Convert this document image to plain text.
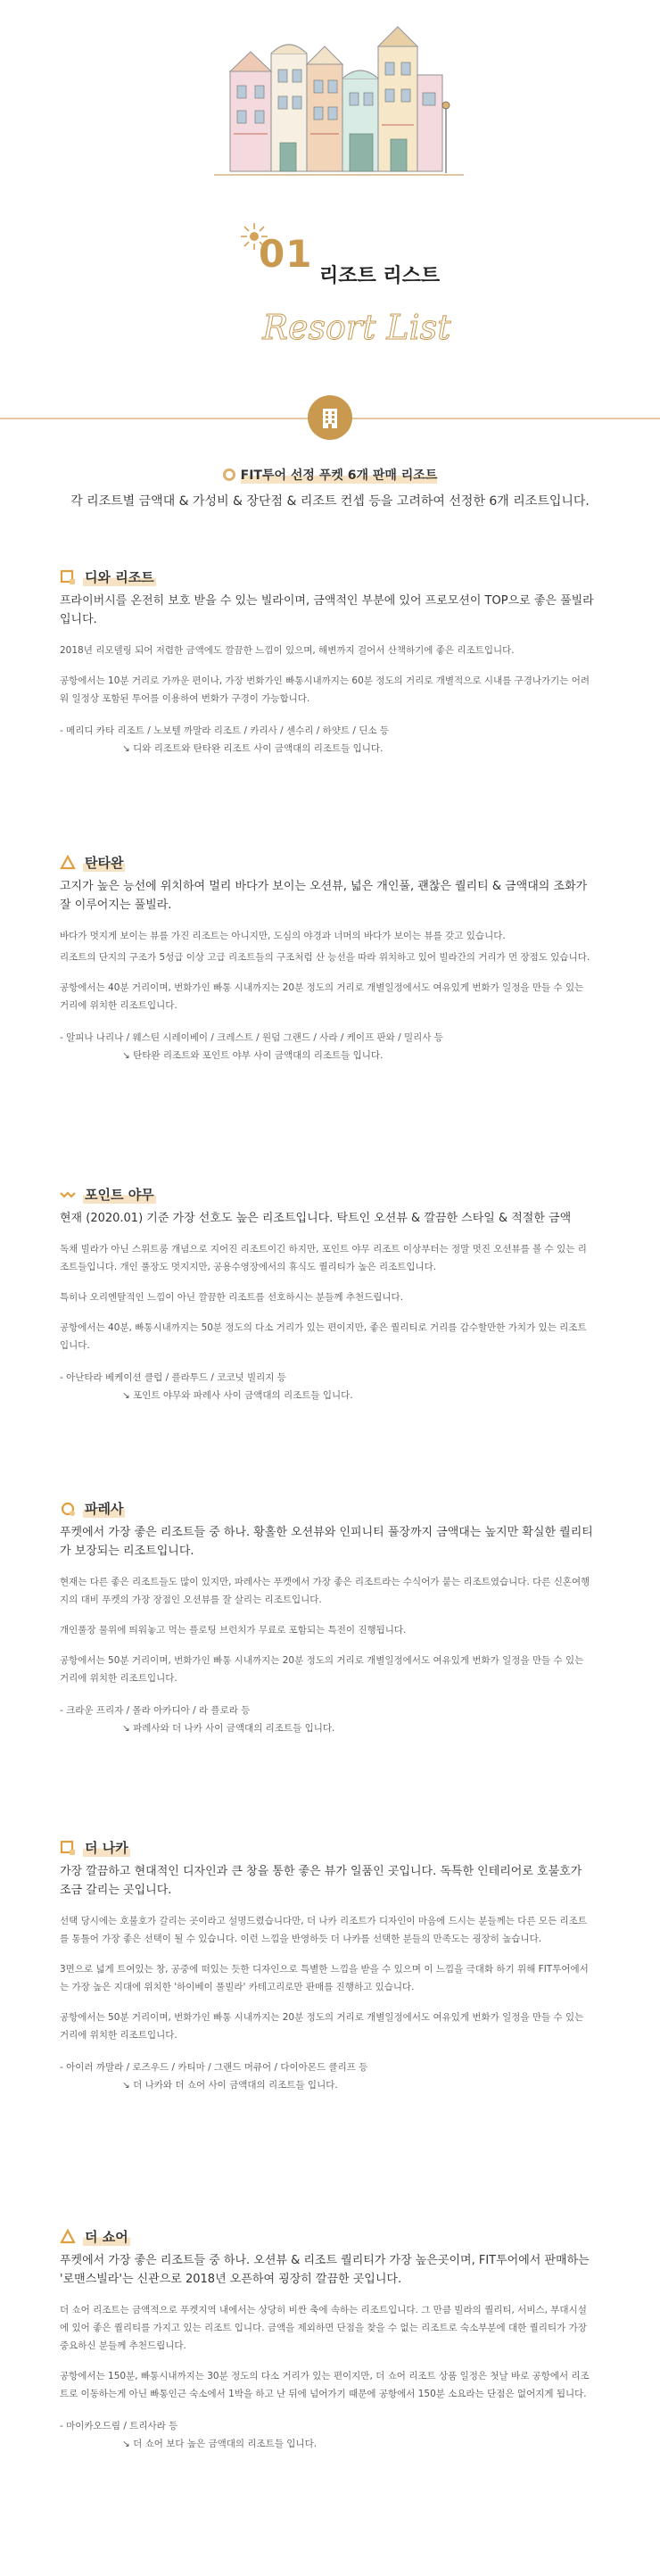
01
리조트 리스트
Resort List
FIT투어 선정 푸켓 6개 판매 리조트
각 리조트별 금액대 & 가성비 & 장단점 & 리조트 컨셉 등을 고려하여 선정한 6개 리조트입니다.
디와 리조트
프라이버시를 온전히 보호 받을 수 있는 빌라이며, 금액적인 부분에 있어 프로모션이 TOP으로 좋은 풀빌라입니다.
2018년 리모델링 되어 저렴한 금액에도 깔끔한 느낌이 있으며, 해변까지 걸어서 산책하기에 좋은 리조트입니다.
공항에서는 10분 거리로 가까운 편이나, 가장 번화가인 빠통시내까지는 60분 정도의 거리로 개별적으로 시내를 구경나가기는 어려워 일정상 포함된 투어를 이용하여 번화가 구경이 가능합니다.
- 메리디 카타 리조트 / 노보텔 까말라 리조트 / 카리사 / 센수리 / 하얏트 / 딘소 등
↘ 디와 리조트와 탄타완 리조트 사이 금액대의 리조트들 입니다.
탄타완
고지가 높은 능선에 위치하여 멀리 바다가 보이는 오션뷰, 넓은 개인풀, 괜찮은 퀄리티 & 금액대의 조화가 잘 이루어지는 풀빌라.
바다가 멋지게 보이는 뷰를 가진 리조트는 아니지만, 도심의 야경과 너머의 바다가 보이는 뷰를 갖고 있습니다.
리조트의 단지의 구조가 5성급 이상 고급 리조트들의 구조처럼 산 능선을 따라 위치하고 있어 빌라간의 거리가 먼 장점도 있습니다.
공항에서는 40분 거리이며, 번화가인 빠통 시내까지는 20분 정도의 거리로 개별일정에서도 여유있게 번화가 일정을 만들 수 있는 거리에 위치한 리조트입니다.
- 알피나 나리나 / 웨스틴 시레이베이 / 크레스트 / 원덤 그랜드 / 사라 / 케이프 판와 / 밀리사 등
↘ 탄타완 리조트와 포인트 야부 사이 금액대의 리조트들 입니다.
포인트 야무
현재 (2020.01) 기준 가장 선호도 높은 리조트입니다. 탁트인 오션뷰 & 깔끔한 스타일 & 적절한 금액
독채 빌라가 아닌 스위트룸 개념으로 지어진 리조트이긴 하지만, 포인트 야무 리조트 이상부터는 정말 멋진 오션뷰를 볼 수 있는 리조트들입니다. 개인 풀장도 멋지지만, 공용수영장에서의 휴식도 퀄리티가 높은 리조트입니다.
특히나 오리엔탈적인 느낌이 아닌 깔끔한 리조트를 선호하시는 분들께 추천드립니다.
공항에서는 40분, 빠통시내까지는 50분 정도의 다소 거리가 있는 편이지만, 좋은 퀄리티로 거리를 감수할만한 가치가 있는 리조트입니다.
- 아난타라 베케이션 클럽 / 플라투드 / 코코넛 빌리지 등
↘ 포인트 야무와 파레사 사이 금액대의 리조트들 입니다.
파레사
푸켓에서 가장 좋은 리조트들 중 하나. 황홀한 오션뷰와 인피니티 풀장까지 금액대는 높지만 확실한 퀄리티가 보장되는 리조트입니다.
현재는 다른 좋은 리조트들도 많이 있지만, 파레사는 푸켓에서 가장 좋은 리조트라는 수식어가 붙는 리조트였습니다. 다른 신혼여행지의 대비 푸켓의 가장 장점인 오션뷰를 잘 살리는 리조트입니다.
개인풀장 물위에 띄워놓고 먹는 플로팅 브런치가 무료로 포함되는 특전이 진행됩니다.
공항에서는 50분 거리이며, 번화가인 빠통 시내까지는 20분 정도의 거리로 개별일정에서도 여유있게 번화가 일정을 만들 수 있는 거리에 위치한 리조트입니다.
- 크라운 프리자 / 몰라 아카디아 / 라 플로라 등
↘ 파레사와 더 나카 사이 금액대의 리조트들 입니다.
더 나카
가장 깔끔하고 현대적인 디자인과 큰 창을 통한 좋은 뷰가 일품인 곳입니다. 독특한 인테리어로 호불호가 조금 갈리는 곳입니다.
선택 당시에는 호불호가 갈리는 곳이라고 설명드렸습니다만, 더 나카 리조트가 디자인이 마음에 드시는 분들께는 다른 모든 리조트를 통틀어 가장 좋은 선택이 될 수 있습니다. 이런 느낌을 반영하듯 더 나카를 선택한 분들의 만족도는 굉장히 높습니다.
3면으로 넓게 트여있는 창, 공중에 떠있는 듯한 디자인으로 특별한 느낌을 받을 수 있으며 이 느낌을 극대화 하기 위해 FIT투어에서는 가장 높은 지대에 위치한 '하이베이 풀빌라' 카테고리로만 판매를 진행하고 있습니다.
공항에서는 50분 거리이며, 번화가인 빠통 시내까지는 20분 정도의 거리로 개별일정에서도 여유있게 번화가 일정을 만들 수 있는 거리에 위치한 리조트입니다.
- 아이러 까말라 / 로즈우드 / 카티마 / 그랜드 머큐어 / 다이아몬드 클리프 등
↘ 더 나카와 더 쇼어 사이 금액대의 리조트들 입니다.
더 쇼어
푸켓에서 가장 좋은 리조트들 중 하나. 오션뷰 & 리조트 퀄리티가 가장 높은곳이며, FIT투어에서 판매하는 '로맨스빌라'는 신관으로 2018년 오픈하여 굉장히 깔끔한 곳입니다.
더 쇼어 리조트는 금액적으로 푸켓지역 내에서는 상당히 비싼 축에 속하는 리조트입니다. 그 만큼 빌라의 퀄리티, 서비스, 부대시설에 있어 좋은 퀄리티를 가지고 있는 리조트 입니다. 금액을 제외하면 단점을 찾을 수 없는 리조트로 숙소부분에 대한 퀄리티가 가장 중요하신 분들께 추천드립니다.
공항에서는 150분, 빠통시내까지는 30분 정도의 다소 거리가 있는 편이지만, 더 쇼어 리조트 상품 일정은 첫날 바로 공항에서 리조트로 이동하는게 아닌 빠통인근 숙소에서 1박을 하고 난 뒤에 넘어가기 때문에 공항에서 150분 소요라는 단점은 없어지게 됩니다.
- 마이카오드림 / 트리사라 등
↘ 더 쇼어 보다 높은 금액대의 리조트들 입니다.
